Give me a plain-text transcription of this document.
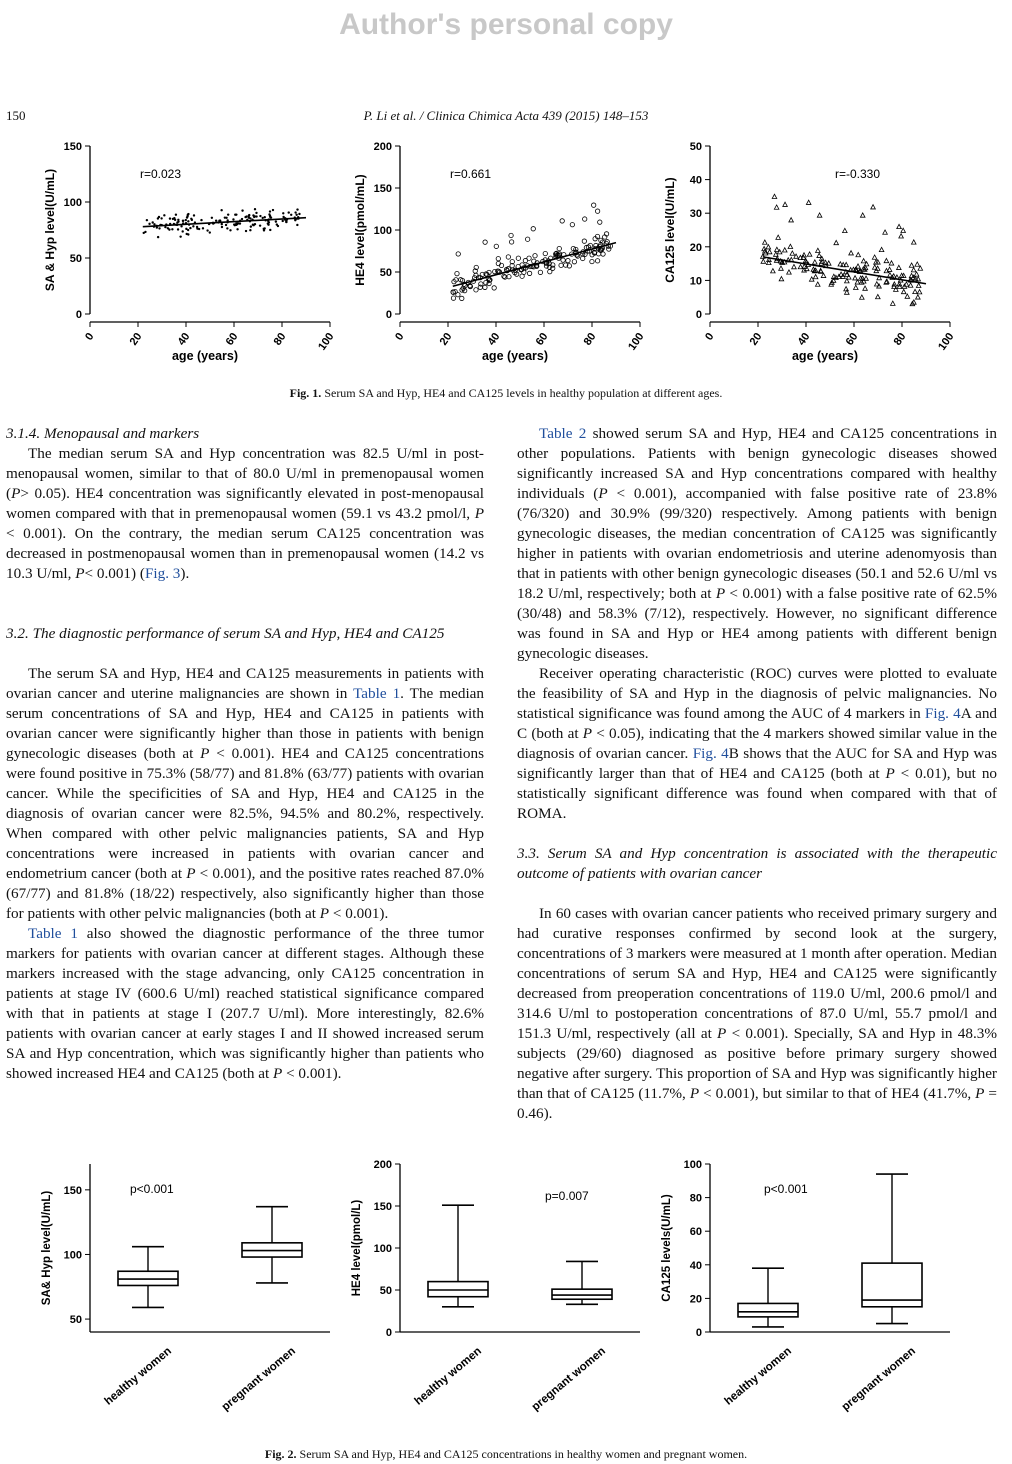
Author's personal copy
150	P. Li et al. / Clinica Chimica Acta 439 (2015) 148–153
0
50
100
150
0	20	40	60	80	100
age (years)
SA & Hyp level(U/mL)	r=0.023
0
50
100
150
200
0	20	40	60	80	100
age (years)
HE4 level(pmol/mL)
r=0.661
0
10
20
30
40
50
0	20	40	60	80	100
age (years)
CA125 level(U/mL)
r=-0.330
Fig. 1. Serum SA and Hyp, HE4 and CA125 levels in healthy population at different ages.

3.1.4. Menopausal and markers

The median serum SA and Hyp concentration was 82.5 U/ml in post-menopausal women, similar to that of 80.0 U/ml in premenopausal women (P> 0.05). HE4 concentration was significantly elevated in post-menopausal women compared with that in premenopausal women (59.1 vs 43.2 pmol/l, P < 0.001). On the contrary, the median serum CA125 concentration was decreased in postmenopausal women than in premenopausal women (14.2 vs 10.3 U/ml, P< 0.001) (Fig. 3).

3.2. The diagnostic performance of serum SA and Hyp, HE4 and CA125

The serum SA and Hyp, HE4 and CA125 measurements in patients with ovarian cancer and uterine malignancies are shown in Table 1. The median serum concentrations of SA and Hyp, HE4 and CA125 in patients with ovarian cancer were significantly higher than those in patients with benign gynecologic diseases (both at P < 0.001). HE4 and CA125 concentrations were found positive in 75.3% (58/77) and 81.8% (63/77) patients with ovarian cancer. While the specificities of SA and Hyp, HE4 and CA125 in the diagnosis of ovarian cancer were 82.5%, 94.5% and 80.2%, respectively. When compared with other pelvic malignancies patients, SA and Hyp concentrations were increased in patients with ovarian cancer and endometrium cancer (both at P < 0.001), and the positive rates reached 87.0% (67/77) and 81.8% (18/22) respectively, also significantly higher than those for patients with other pelvic malignancies (both at P < 0.001).

Table 1 also showed the diagnostic performance of the three tumor markers for patients with ovarian cancer at different stages. Although these markers increased with the stage advancing, only CA125 concentration in patients at stage IV (600.6 U/ml) reached statistical significance compared with that in patients at stage I (207.7 U/ml). More interestingly, 82.6% patients with ovarian cancer at early stages I and II showed increased serum SA and Hyp concentration, which was significantly higher than patients who showed increased HE4 and CA125 (both at P < 0.001).

Table 2 showed serum SA and Hyp, HE4 and CA125 concentrations in other populations. Patients with benign gynecologic diseases showed significantly increased SA and Hyp concentrations compared with healthy individuals (P < 0.001), accompanied with false positive rate of 23.8% (76/320) and 30.9% (99/320) respectively. Among patients with benign gynecologic diseases, the median concentration of CA125 was significantly higher in patients with ovarian endometriosis and uterine adenomyosis than that in patients with other benign gynecologic diseases (50.1 and 52.6 U/ml vs 18.2 U/ml, respectively; both at P < 0.001) with a false positive rate of 62.5% (30/48) and 58.3% (7/12), respectively. However, no significant difference was found in SA and Hyp or HE4 among patients with different benign gynecologic diseases.

Receiver operating characteristic (ROC) curves were plotted to evaluate the feasibility of SA and Hyp in the diagnosis of pelvic malignancies. No statistical significance was found among the AUC of 4 markers in Fig. 4A and C (both at P < 0.05), indicating that the 4 markers showed similar value in the diagnosis of ovarian cancer. Fig. 4B shows that the AUC for SA and Hyp was significantly larger than that of HE4 and CA125 (both at P < 0.01), but no statistically significant difference was found when compared with that of ROMA.

3.3. Serum SA and Hyp concentration is associated with the therapeutic outcome of patients with ovarian cancer

In 60 cases with ovarian cancer patients who received primary surgery and had curative responses confirmed by second look at the surgery, concentrations of 3 markers were measured at 1 month after operation. Median concentrations of serum SA and Hyp, HE4 and CA125 were significantly decreased from preoperation concentrations of 119.0 U/ml, 200.6 pmol/l and 314.6 U/ml to postoperation concentrations of 87.0 U/ml, 55.7 pmol/l and 151.3 U/ml, respectively (all at P < 0.001). Specially, SA and Hyp in 48.3% subjects (29/60) diagnosed as positive before primary surgery showed negative after surgery. This proportion of SA and Hyp was significantly higher than that of CA125 (11.7%, P < 0.001), but similar to that of HE4 (41.7%, P = 0.46).

50
100
150
SA& Hyp level(U/mL)
p<0.001
healthy women	pregnant women
0
50
100
150
200
HE4 level(pmol/L)
p=0.007
healthy women	pregnant women
0
20
40
60
80
100
CA125 levels(U/mL)
p<0.001
healthy women	pregnant women
Fig. 2. Serum SA and Hyp, HE4 and CA125 concentrations in healthy women and pregnant women.
